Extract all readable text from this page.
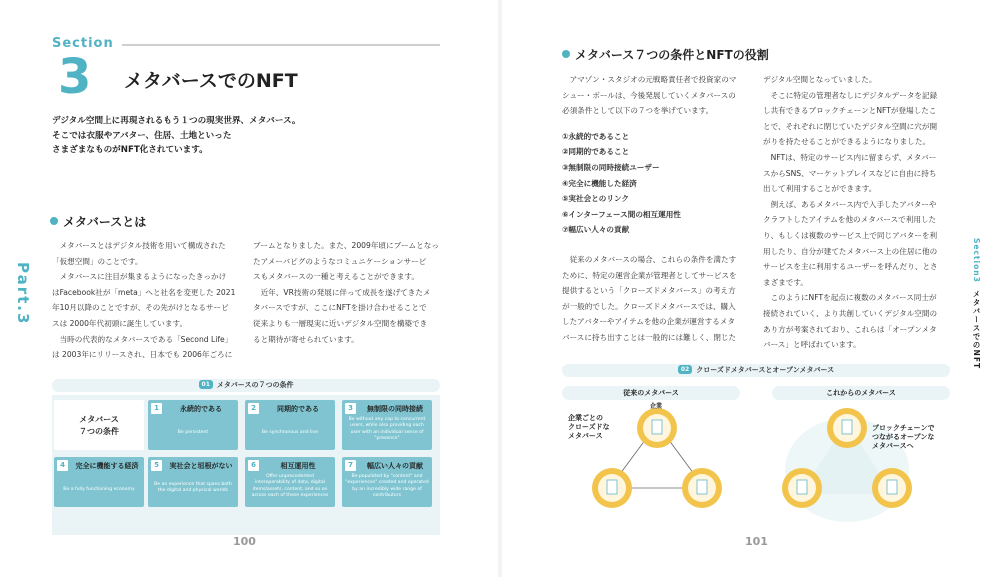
Section
3 メタバースでのNFT
デジタル空間上に再現されるもう１つの現実世界、メタバース。
そこでは衣服やアバター、住居、土地といった
さまざまなものがNFT化されています。
Part.3
メタバースとは
　メタバースとはデジタル技術を用いて構成された
「仮想空間」のことです。
　メタバースに注目が集まるようになったきっかけ
はFacebook社が「meta」へと社名を変更した 2021
年10月以降のことですが、その先がけとなるサービ
スは 2000年代初頭に誕生しています。
　当時の代表的なメタバースである「Second Life」
は 2003年にリリースされ、日本でも 2006年ごろに
ブームとなりました。また、2009年頃にブームとなっ
たアメーバピグのようなコミュニケーションサービ
スもメタバースの一種と考えることができます。
　近年、VR技術の発展に伴って成長を遂げてきたメ
タバースですが、ここにNFTを掛け合わせることで
従来よりも一層現実に近いデジタル空間を構築でき
ると期待が寄せられています。
01 メタバースの７つの条件
メタバース
７つの条件
1	永続的である
Be persistent
2	同期的である
Be synchronous and live
3	無制限の同時接続
Be without any cap to concurrent users, while also providing each user with an individual sense of "presence"
4	完全に機能する経済
Be a fully functioning economy
5	実社会と垣根がない
Be an experience that spans both the digital and physical worlds
6	相互運用性
Offer unprecedented interoperability of data, digital items/assets, content, and so on across each of these experiences
7	幅広い人々の貢献
Be populated by "content" and "experiences" created and operated by an incredibly wide range of contributors
100
メタバース７つの条件とNFTの役割
　アマゾン・スタジオの元戦略責任者で投資家のマ
シュー・ボールは、今後発展していくメタバースの
必須条件として以下の７つを挙げています。
①永続的であること
②同期的であること
③無制限の同時接続ユーザー
④完全に機能した経済
⑤実社会とのリンク
⑥インターフェース間の相互運用性
⑦幅広い人々の貢献
　従来のメタバースの場合、これらの条件を満たす
ために、特定の運営企業が管理者としてサービスを
提供するという「クローズドメタバース」の考え方
が一般的でした。クローズドメタバースでは、購入
したアバターやアイテムを他の企業が運営するメタ
バースに持ち出すことは一般的には難しく、閉じた
デジタル空間となっていました。
　そこに特定の管理者なしにデジタルデータを記録
し共有できるブロックチェーンとNFTが登場したこ
とで、それぞれに閉じていたデジタル空間に穴が開
がりを持たせることができるようになりました。
　NFTは、特定のサービス内に留まらず、メタバー
スからSNS、マーケットプレイスなどに自由に持ち
出して利用することができます。
　例えば、あるメタバース内で入手したアバターや
クラフトしたアイテムを他のメタバースで利用した
り、もしくは複数のサービス上で同じアバターを利
用したり、自分が建てたメタバース上の住居に他の
サービスを主に利用するユーザーを呼んだり、とさ
まざまです。
　このようにNFTを起点に複数のメタバース同士が
接続されていく、より共創していくデジタル空間の
あり方が考案されており、これらは「オープンメタ
バース」と呼ばれています。
Section3  メタバースでのNFT
02 クローズドメタバースとオープンメタバース
従来のメタバース	これからのメタバース
企業
企業ごとの
クローズドな
メタバース
ブロックチェーンで
つながるオープンな
メタバースへ
101
